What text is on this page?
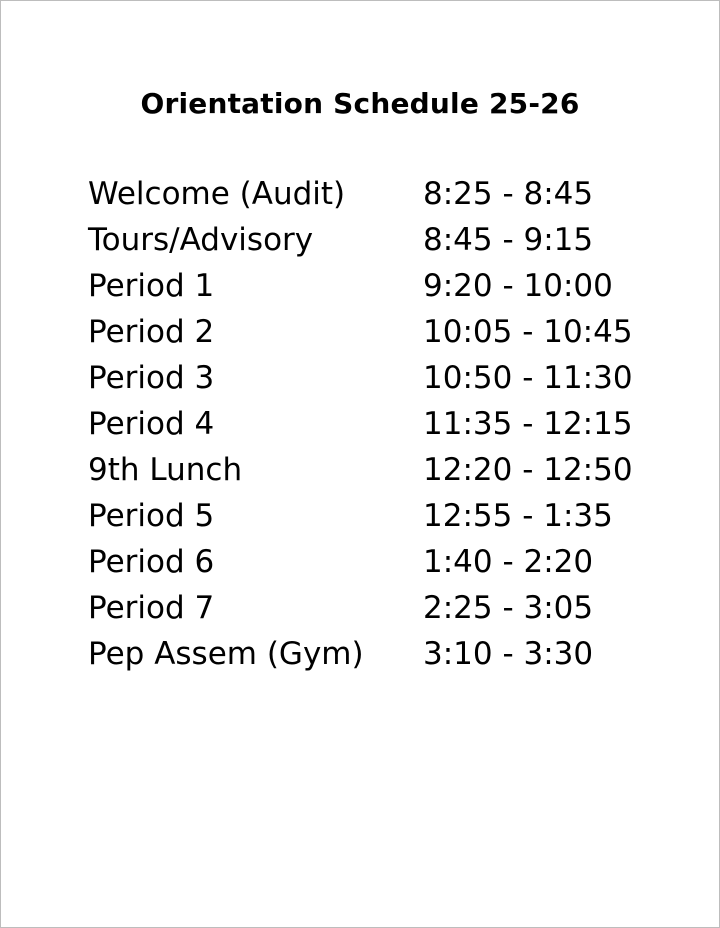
Orientation Schedule 25-26
Welcome (Audit)	8:25 - 8:45
Tours/Advisory	8:45 - 9:15
Period 1	9:20 - 10:00
Period 2	10:05 - 10:45
Period 3	10:50 - 11:30
Period 4	11:35 - 12:15
9th Lunch	12:20 - 12:50
Period 5	12:55 - 1:35
Period 6	1:40 - 2:20
Period 7	2:25 - 3:05
Pep Assem (Gym)	3:10 - 3:30
